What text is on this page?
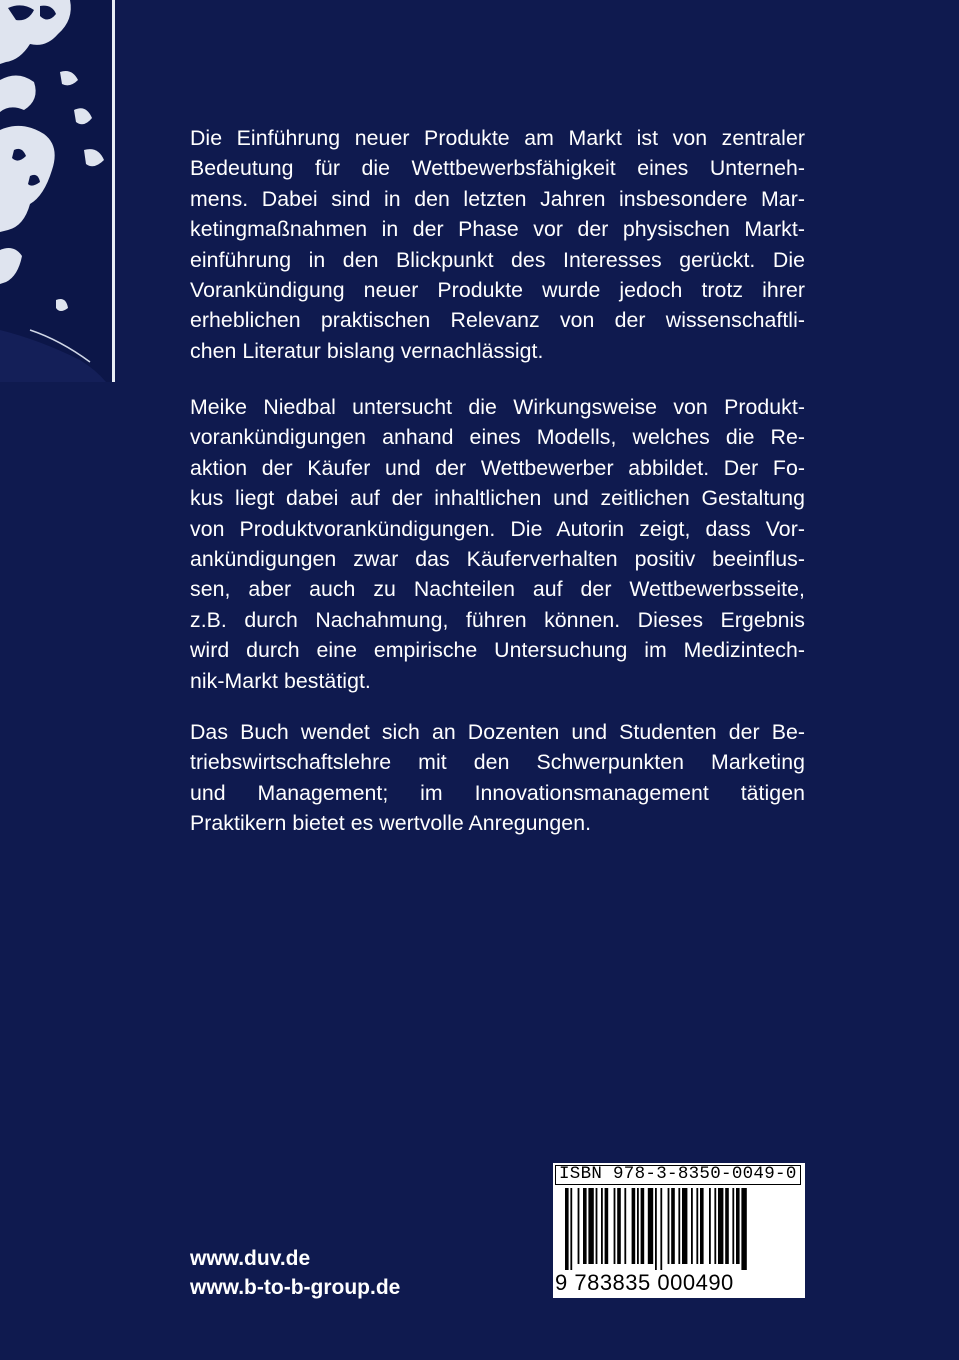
Die Einführung neuer Produkte am Markt ist von zentraler
Bedeutung für die Wettbewerbsfähigkeit eines Unterneh-
mens. Dabei sind in den letzten Jahren insbesondere Mar-
ketingmaßnahmen in der Phase vor der physischen Markt-
einführung in den Blickpunkt des Interesses gerückt. Die
Vorankündigung neuer Produkte wurde jedoch trotz ihrer
erheblichen praktischen Relevanz von der wissenschaftli-
chen Literatur bislang vernachlässigt.
Meike Niedbal untersucht die Wirkungsweise von Produkt-
vorankündigungen anhand eines Modells, welches die Re-
aktion der Käufer und der Wettbewerber abbildet. Der Fo-
kus liegt dabei auf der inhaltlichen und zeitlichen Gestaltung
von Produktvorankündigungen. Die Autorin zeigt, dass Vor-
ankündigungen zwar das Käuferverhalten positiv beeinflus-
sen, aber auch zu Nachteilen auf der Wettbewerbsseite,
z.B. durch Nachahmung, führen können. Dieses Ergebnis
wird durch eine empirische Untersuchung im Medizintech-
nik-Markt bestätigt.
Das Buch wendet sich an Dozenten und Studenten der Be-
triebswirtschaftslehre mit den Schwerpunkten Marketing
und Management; im Innovationsmanagement tätigen
Praktikern bietet es wertvolle Anregungen.
www.duv.de
www.b-to-b-group.de
ISBN 978-3-8350-0049-0
9 783835 000490
